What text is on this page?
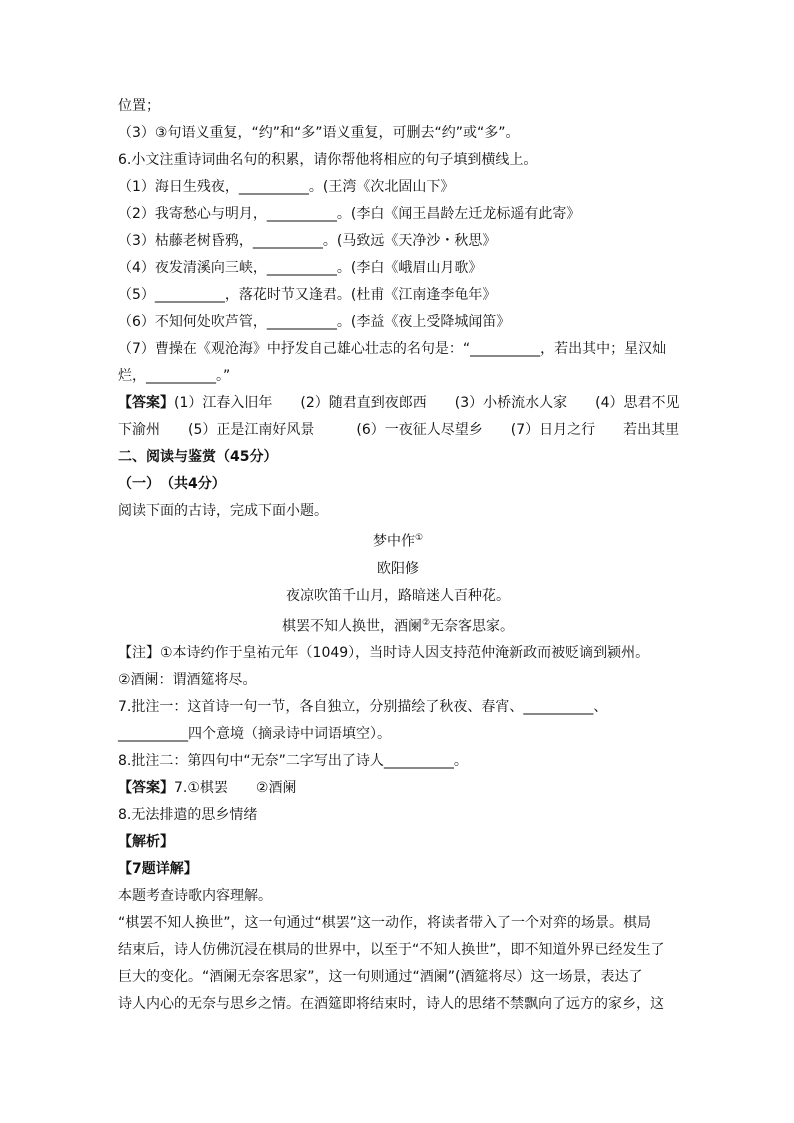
位置；
（3）③句语义重复，“约”和“多”语义重复，可删去“约”或“多”。
6.小文注重诗词曲名句的积累，请你帮他将相应的句子填到横线上。
（1）海日生残夜，__________。(王湾《次北固山下》
（2）我寄愁心与明月，__________。(李白《闻王昌龄左迁龙标遥有此寄》
（3）枯藤老树昏鸦，__________。(马致远《天净沙・秋思》
（4）夜发清溪向三峡，__________。(李白《峨眉山月歌》
（5）__________，落花时节又逢君。(杜甫《江南逢李龟年》
（6）不知何处吹芦管，__________。(李益《夜上受降城闻笛》
（7）曹操在《观沧海》中抒发自己雄心壮志的名句是：“__________，若出其中；星汉灿
烂，__________。”
【答案】(1）江春入旧年　　(2）随君直到夜郎西　　(3）小桥流水人家　　(4）思君不见
下渝州　　(5）正是江南好风景　　　(6）一夜征人尽望乡　　(7）日月之行　　若出其里
二、阅读与鉴赏（45分）
（一）　（共4分）
阅读下面的古诗，完成下面小题。
梦中作①
欧阳修
夜凉吹笛千山月，路暗迷人百种花。
棋罢不知人换世，酒阑②无奈客思家。
【注】①本诗约作于皇祐元年（1049），当时诗人因支持范仲淹新政而被贬谪到颍州。
②酒阑：谓酒筵将尽。
7.批注一：这首诗一句一节，各自独立，分别描绘了秋夜、春宵、__________、
__________四个意境（摘录诗中词语填空）。
8.批注二：第四句中“无奈”二字写出了诗人__________。
【答案】7.①棋罢　　②酒阑
8.无法排遣的思乡情绪
【解析】
【7题详解】
本题考查诗歌内容理解。
“棋罢不知人换世”，这一句通过“棋罢”这一动作，将读者带入了一个对弈的场景。棋局
结束后，诗人仿佛沉浸在棋局的世界中，以至于“不知人换世”，即不知道外界已经发生了
巨大的变化。“酒阑无奈客思家”，这一句则通过“酒阑”(酒筵将尽）这一场景，表达了
诗人内心的无奈与思乡之情。在酒筵即将结束时，诗人的思绪不禁飘向了远方的家乡，这
